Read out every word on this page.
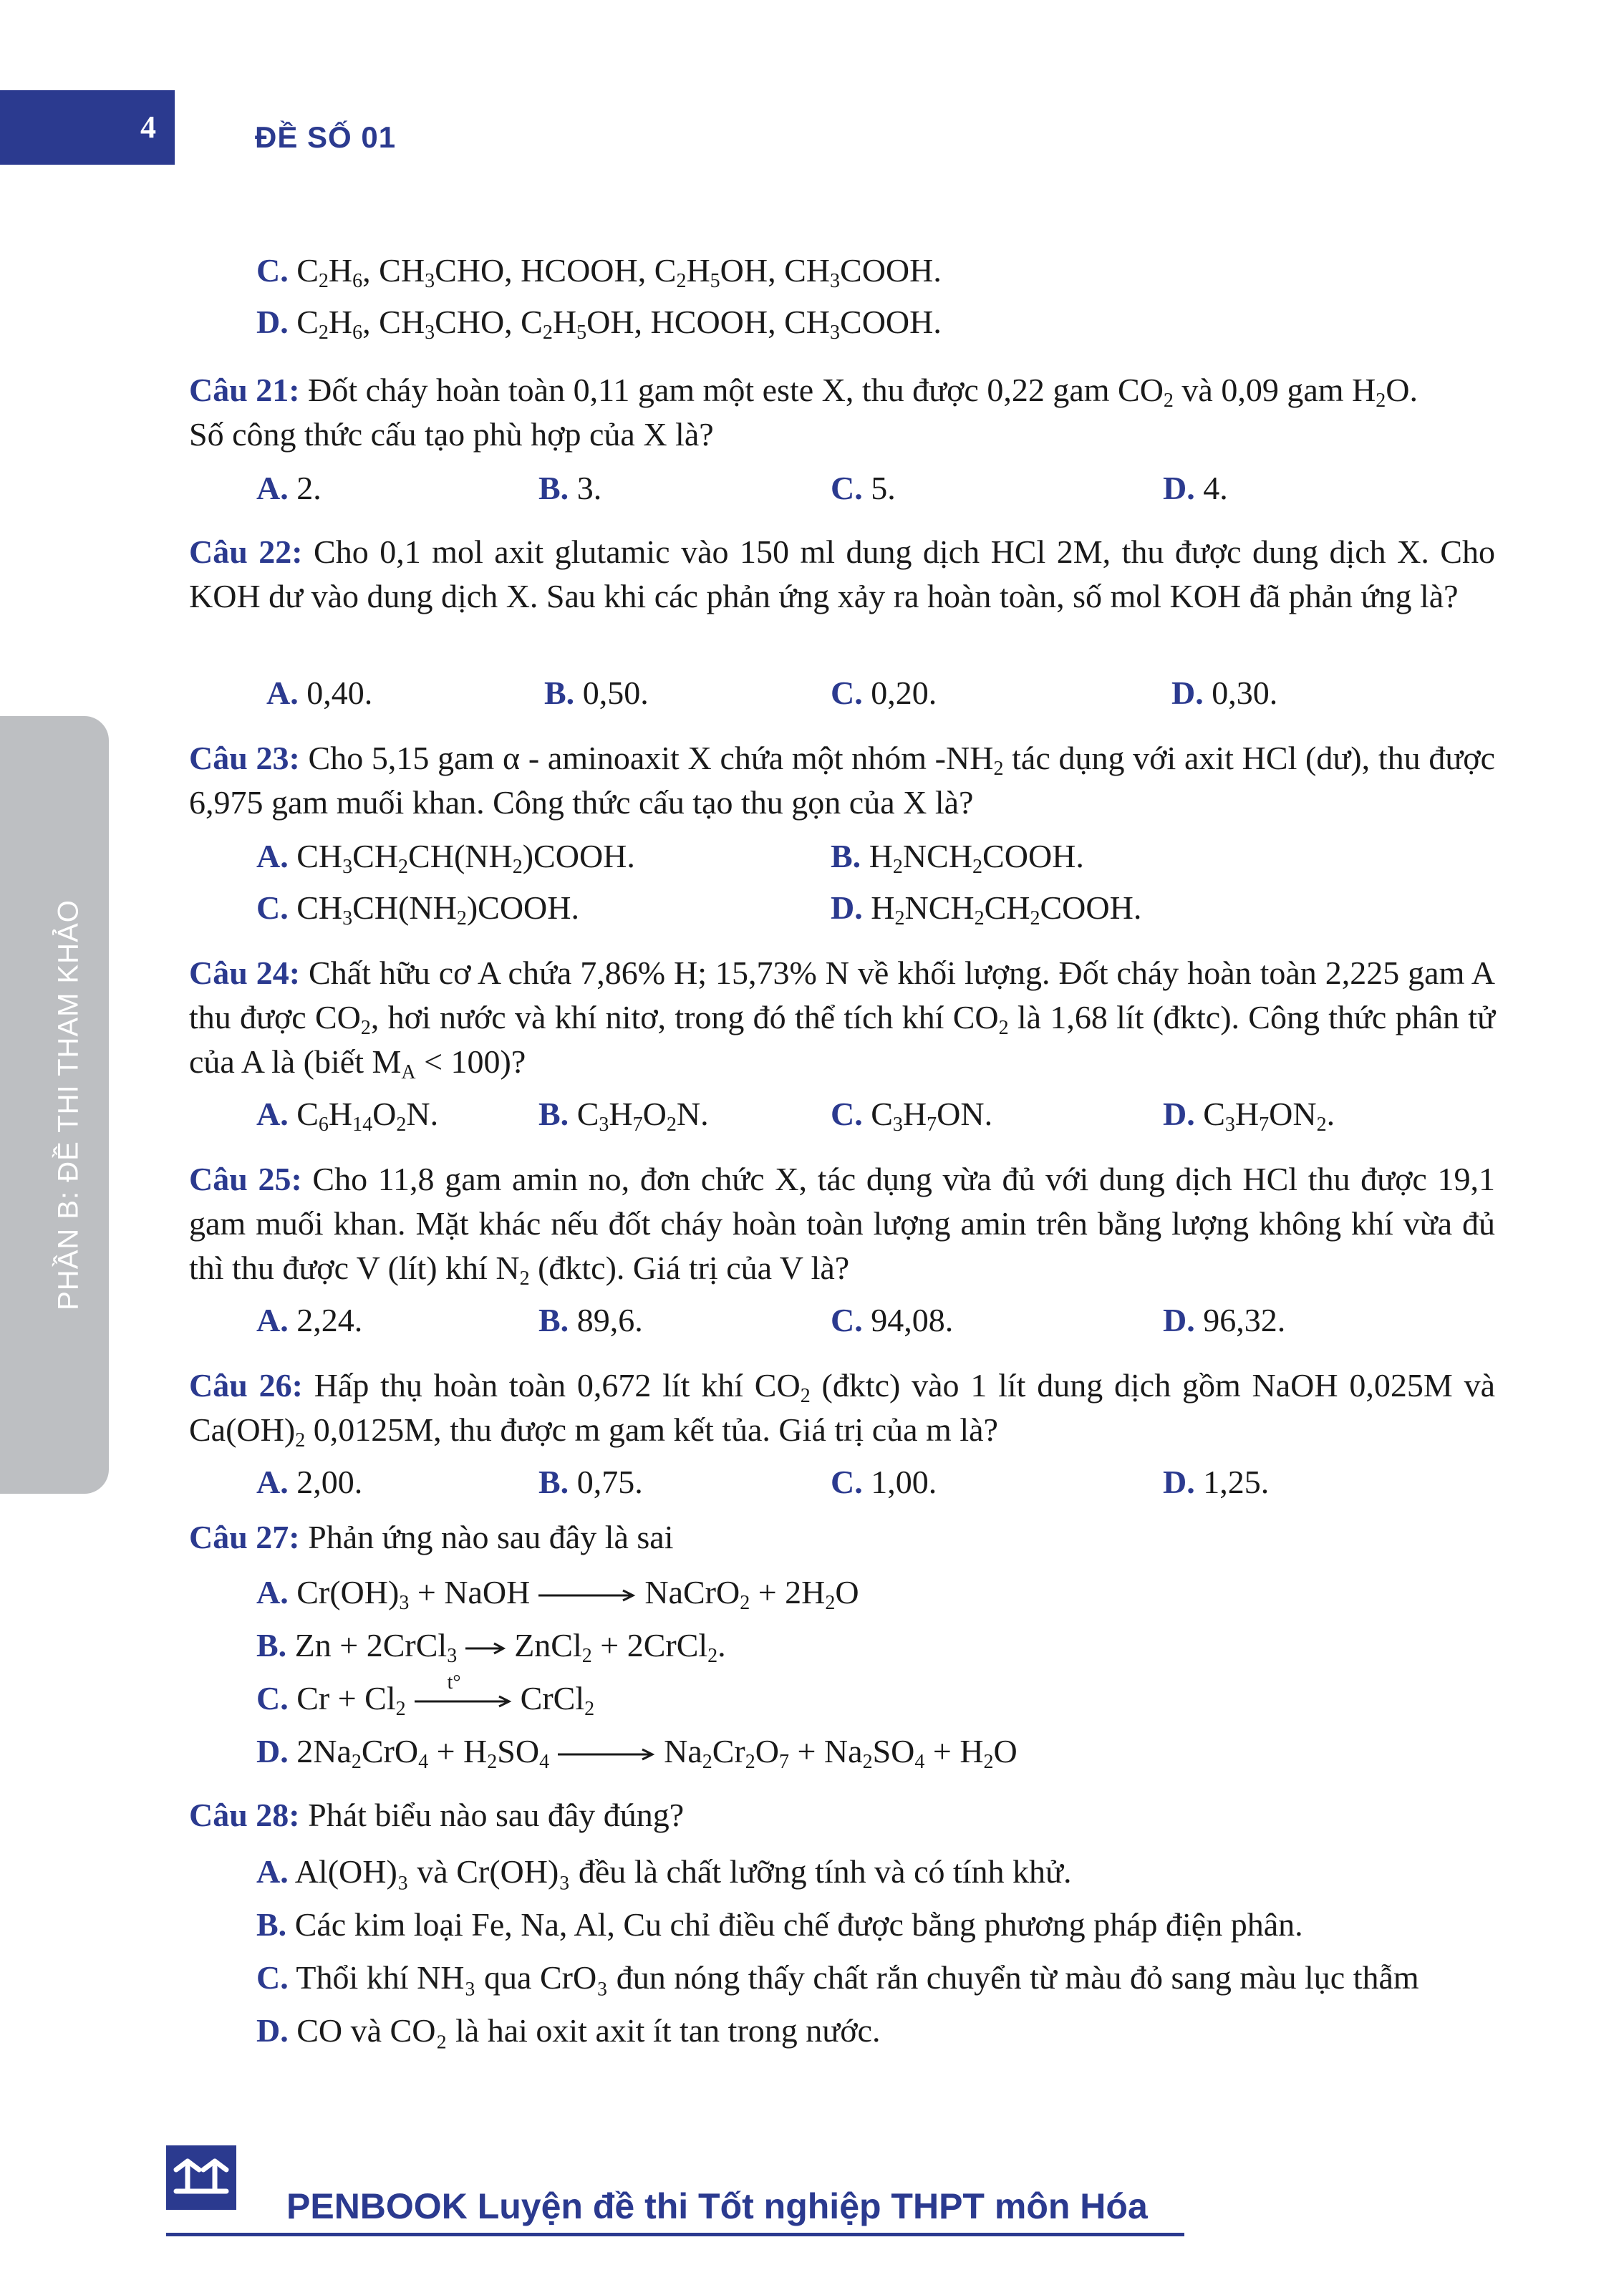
4	ĐỀ SỐ 01
PHẦN B: ĐỀ THI THAM KHẢO
C. $C_2H_6$, $CH_3CHO$, HCOOH, $C_2H_5OH$, $CH_3COOH$.
D. $C_2H_6$, $CH_3CHO$, $C_2H_5OH$, HCOOH, $CH_3COOH$.
Câu 21: Đốt cháy hoàn toàn 0,11 gam một este X, thu được 0,22 gam $CO_2$ và 0,09 gam $H_2O$.
Số công thức cấu tạo phù hợp của X là?
A. 2.	B. 3.	C. 5.	D. 4.
Câu 22: Cho 0,1 mol axit glutamic vào 150 ml dung dịch HCl 2M, thu được dung dịch X. Cho KOH dư vào dung dịch X. Sau khi các phản ứng xảy ra hoàn toàn, số mol KOH đã phản ứng là?
A. 0,40.	B. 0,50.	C. 0,20.	D. 0,30.
Câu 23: Cho 5,15 gam α - aminoaxit X chứa một nhóm $-NH_2$ tác dụng với axit HCl (dư), thu được 6,975 gam muối khan. Công thức cấu tạo thu gọn của X là?
A. $CH_3CH_2CH(NH_2)COOH$.	B. $H_2NCH_2COOH$.
C. $CH_3CH(NH_2)COOH$.	D. $H_2NCH_2CH_2COOH$.
Câu 24: Chất hữu cơ A chứa 7,86% H; 15,73% N về khối lượng. Đốt cháy hoàn toàn 2,225 gam A thu được $CO_2$, hơi nước và khí nitơ, trong đó thể tích khí $CO_2$ là 1,68 lít (đktc). Công thức phân tử của A là (biết $M_A < 100$)?
A. $C_6H_{14}O_2N$.	B. $C_3H_7O_2N$.	C. $C_3H_7ON$.	D. $C_3H_7ON_2$.
Câu 25: Cho 11,8 gam amin no, đơn chức X, tác dụng vừa đủ với dung dịch HCl thu được 19,1 gam muối khan. Mặt khác nếu đốt cháy hoàn toàn lượng amin trên bằng lượng không khí vừa đủ thì thu được V (lít) khí $N_2$ (đktc). Giá trị của V là?
A. 2,24.	B. 89,6.	C. 94,08.	D. 96,32.
Câu 26: Hấp thụ hoàn toàn 0,672 lít khí $CO_2$ (đktc) vào 1 lít dung dịch gồm NaOH 0,025M và $Ca(OH)_2$ 0,0125M, thu được m gam kết tủa. Giá trị của m là?
A. 2,00.	B. 0,75.	C. 1,00.	D. 1,25.
Câu 27: Phản ứng nào sau đây là sai
A. $Cr(OH)_3$ + NaOH → NaCrO$_2$ + $2H_2O$
B. Zn + 2CrCl$_3$ → ZnCl$_2$ + 2CrCl$_2$.
C. $Cr + Cl_2$
t° CrCl$_2$
D. $2Na_2CrO_4 + H_2SO_4 \to Na_2Cr_2O_7 + Na_2SO_4 + H_2O$
Câu 28: Phát biểu nào sau đây đúng?
A. Al(OH)₃ và Cr(OH)₃ đều là chất lưỡng tính và có tính khử.
B. Các kim loại Fe, Na, Al, Cu chỉ điều chế được bằng phương pháp điện phân.
C. Thổi khí NH₃ qua CrO₃ đun nóng thấy chất rắn chuyển từ màu đỏ sang màu lục thẫm
D. CO và CO₂ là hai oxit axit ít tan trong nước.
PENBOOK Luyện đề thi Tốt nghiệp THPT môn Hóa
